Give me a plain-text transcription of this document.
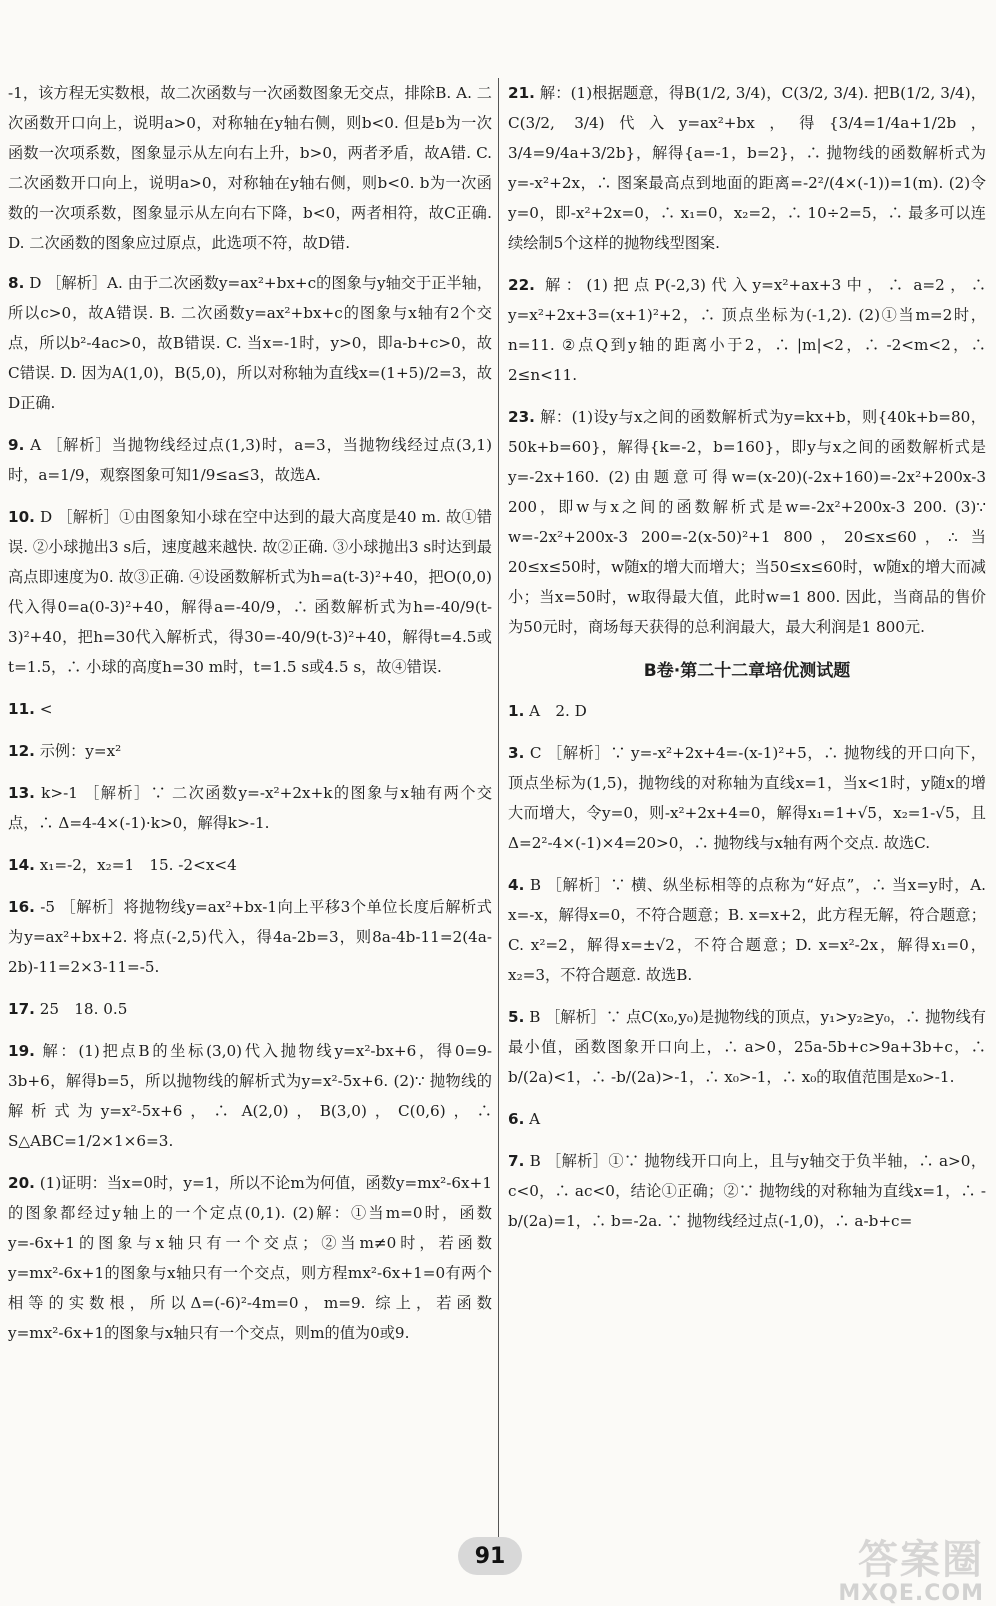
-1，该方程无实数根，故二次函数与一次函数图象无交点，排除B. A. 二次函数开口向上，说明a>0，对称轴在y轴右侧，则b<0. 但是b为一次函数一次项系数，图象显示从左向右上升，b>0，两者矛盾，故A错. C. 二次函数开口向上，说明a>0，对称轴在y轴右侧，则b<0. b为一次函数的一次项系数，图象显示从左向右下降，b<0，两者相符，故C正确. D. 二次函数的图象应过原点，此选项不符，故D错.
8. D ［解析］A. 由于二次函数y=ax²+bx+c的图象与y轴交于正半轴，所以c>0，故A错误. B. 二次函数y=ax²+bx+c的图象与x轴有2个交点，所以b²-4ac>0，故B错误. C. 当x=-1时，y>0，即a-b+c>0，故C错误. D. 因为A(1,0)，B(5,0)，所以对称轴为直线x=(1+5)/2=3，故D正确.
9. A ［解析］当抛物线经过点(1,3)时，a=3，当抛物线经过点(3,1)时，a=1/9，观察图象可知1/9≤a≤3，故选A.
10. D ［解析］①由图象知小球在空中达到的最大高度是40 m. 故①错误. ②小球抛出3 s后，速度越来越快. 故②正确. ③小球抛出3 s时达到最高点即速度为0. 故③正确. ④设函数解析式为h=a(t-3)²+40，把O(0,0)代入得0=a(0-3)²+40，解得a=-40/9，∴ 函数解析式为h=-40/9(t-3)²+40，把h=30代入解析式，得30=-40/9(t-3)²+40，解得t=4.5或t=1.5，∴ 小球的高度h=30 m时，t=1.5 s或4.5 s，故④错误.
11. <
12. 示例：y=x²
13. k>-1 ［解析］∵ 二次函数y=-x²+2x+k的图象与x轴有两个交点，∴ Δ=4-4×(-1)·k>0，解得k>-1.
14. x₁=-2，x₂=1　15. -2<x<4
16. -5 ［解析］将抛物线y=ax²+bx-1向上平移3个单位长度后解析式为y=ax²+bx+2. 将点(-2,5)代入，得4a-2b=3，则8a-4b-11=2(4a-2b)-11=2×3-11=-5.
17. 25　18. 0.5
19. 解：(1)把点B的坐标(3,0)代入抛物线y=x²-bx+6，得0=9-3b+6，解得b=5，所以抛物线的解析式为y=x²-5x+6. (2)∵ 抛物线的解析式为y=x²-5x+6，∴ A(2,0)，B(3,0)，C(0,6)，∴ S△ABC=1/2×1×6=3.
20. (1)证明：当x=0时，y=1，所以不论m为何值，函数y=mx²-6x+1的图象都经过y轴上的一个定点(0,1). (2)解：①当m=0时，函数y=-6x+1的图象与x轴只有一个交点；②当m≠0时，若函数y=mx²-6x+1的图象与x轴只有一个交点，则方程mx²-6x+1=0有两个相等的实数根，所以Δ=(-6)²-4m=0，m=9. 综上，若函数y=mx²-6x+1的图象与x轴只有一个交点，则m的值为0或9.
21. 解：(1)根据题意，得B(1/2, 3/4)，C(3/2, 3/4). 把B(1/2, 3/4)，C(3/2, 3/4)代入y=ax²+bx，得{3/4=1/4a+1/2b，3/4=9/4a+3/2b}，解得{a=-1，b=2}，∴ 抛物线的函数解析式为y=-x²+2x，∴ 图案最高点到地面的距离=-2²/(4×(-1))=1(m). (2)令y=0，即-x²+2x=0，∴ x₁=0，x₂=2，∴ 10÷2=5，∴ 最多可以连续绘制5个这样的抛物线型图案.
22. 解：(1)把点P(-2,3)代入y=x²+ax+3中，∴ a=2，∴ y=x²+2x+3=(x+1)²+2，∴ 顶点坐标为(-1,2). (2)①当m=2时，n=11. ②点Q到y轴的距离小于2，∴ |m|<2，∴ -2<m<2，∴ 2≤n<11.
23. 解：(1)设y与x之间的函数解析式为y=kx+b，则{40k+b=80，50k+b=60}，解得{k=-2，b=160}，即y与x之间的函数解析式是y=-2x+160. (2)由题意可得w=(x-20)(-2x+160)=-2x²+200x-3 200，即w与x之间的函数解析式是w=-2x²+200x-3 200. (3)∵ w=-2x²+200x-3 200=-2(x-50)²+1 800，20≤x≤60，∴ 当20≤x≤50时，w随x的增大而增大；当50≤x≤60时，w随x的增大而减小；当x=50时，w取得最大值，此时w=1 800. 因此，当商品的售价为50元时，商场每天获得的总利润最大，最大利润是1 800元.
B卷·第二十二章培优测试题
1. A　2. D
3. C ［解析］∵ y=-x²+2x+4=-(x-1)²+5，∴ 抛物线的开口向下，顶点坐标为(1,5)，抛物线的对称轴为直线x=1，当x<1时，y随x的增大而增大，令y=0，则-x²+2x+4=0，解得x₁=1+√5，x₂=1-√5，且Δ=2²-4×(-1)×4=20>0，∴ 抛物线与x轴有两个交点. 故选C.
4. B ［解析］∵ 横、纵坐标相等的点称为“好点”，∴ 当x=y时，A. x=-x，解得x=0，不符合题意；B. x=x+2，此方程无解，符合题意；C. x²=2，解得x=±√2，不符合题意；D. x=x²-2x，解得x₁=0，x₂=3，不符合题意. 故选B.
5. B ［解析］∵ 点C(x₀,y₀)是抛物线的顶点，y₁>y₂≥y₀，∴ 抛物线有最小值，函数图象开口向上，∴ a>0，25a-5b+c>9a+3b+c，∴ b/(2a)<1，∴ -b/(2a)>-1，∴ x₀>-1，∴ x₀的取值范围是x₀>-1.
6. A
7. B ［解析］①∵ 抛物线开口向上，且与y轴交于负半轴，∴ a>0，c<0，∴ ac<0，结论①正确；②∵ 抛物线的对称轴为直线x=1，∴ -b/(2a)=1，∴ b=-2a. ∵ 抛物线经过点(-1,0)，∴ a-b+c=
91	答案圈
MXQE.COM
